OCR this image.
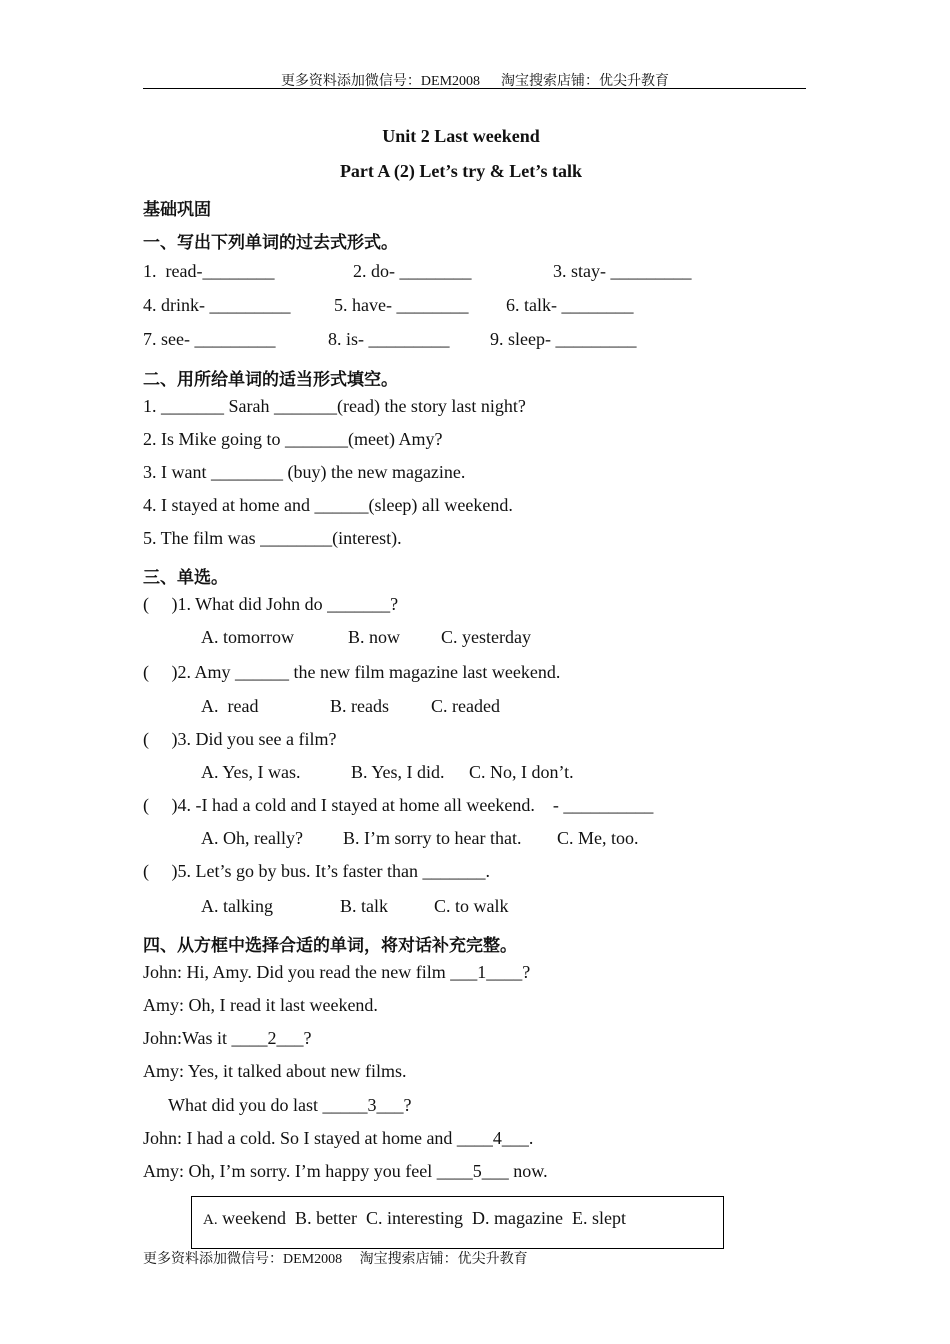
更多资料添加微信号：DEM2008      淘宝搜索店铺：优尖升教育
Unit 2 Last weekend
Part A (2) Let’s try & Let’s talk
基础巩固
一、写出下列单词的过去式形式。
1.  read-________	2. do- ________	3. stay- _________
4. drink- _________ 5. have- ________ 6. talk- ________
7. see- _________	8. is- _________ 9. sleep- _________
二、用所给单词的适当形式填空。
1. _______ Sarah _______(read) the story last night?
2. Is Mike going to _______(meet) Amy?
3. I want ________ (buy) the new magazine.
4. I stayed at home and ______(sleep) all weekend.
5. The film was ________(interest).
三、单选。
(     )1. What did John do _______?
A. tomorrow	B. now C. yesterday
(     )2. Amy ______ the new film magazine last weekend.
A.  read	B. reads C. readed
(     )3. Did you see a film?
A. Yes, I was.	B. Yes, I did. C. No, I don’t.
(     )4. -I had a cold and I stayed at home all weekend.    - __________
A. Oh, really? B. I’m sorry to hear that. C. Me, too.
(     )5. Let’s go by bus. It’s faster than _______.
A. talking	B. talk	C. to walk
四、从方框中选择合适的单词，将对话补充完整。
John: Hi, Amy. Did you read the new film ___1____?
Amy: Oh, I read it last weekend.
John:Was it ____2___?
Amy: Yes, it talked about new films.
What did you do last _____3___?
John: I had a cold. So I stayed at home and ____4___.
Amy: Oh, I’m sorry. I’m happy you feel ____5___ now.
A. weekend  B. better  C. interesting  D. magazine  E. slept
更多资料添加微信号：DEM2008     淘宝搜索店铺：优尖升教育
